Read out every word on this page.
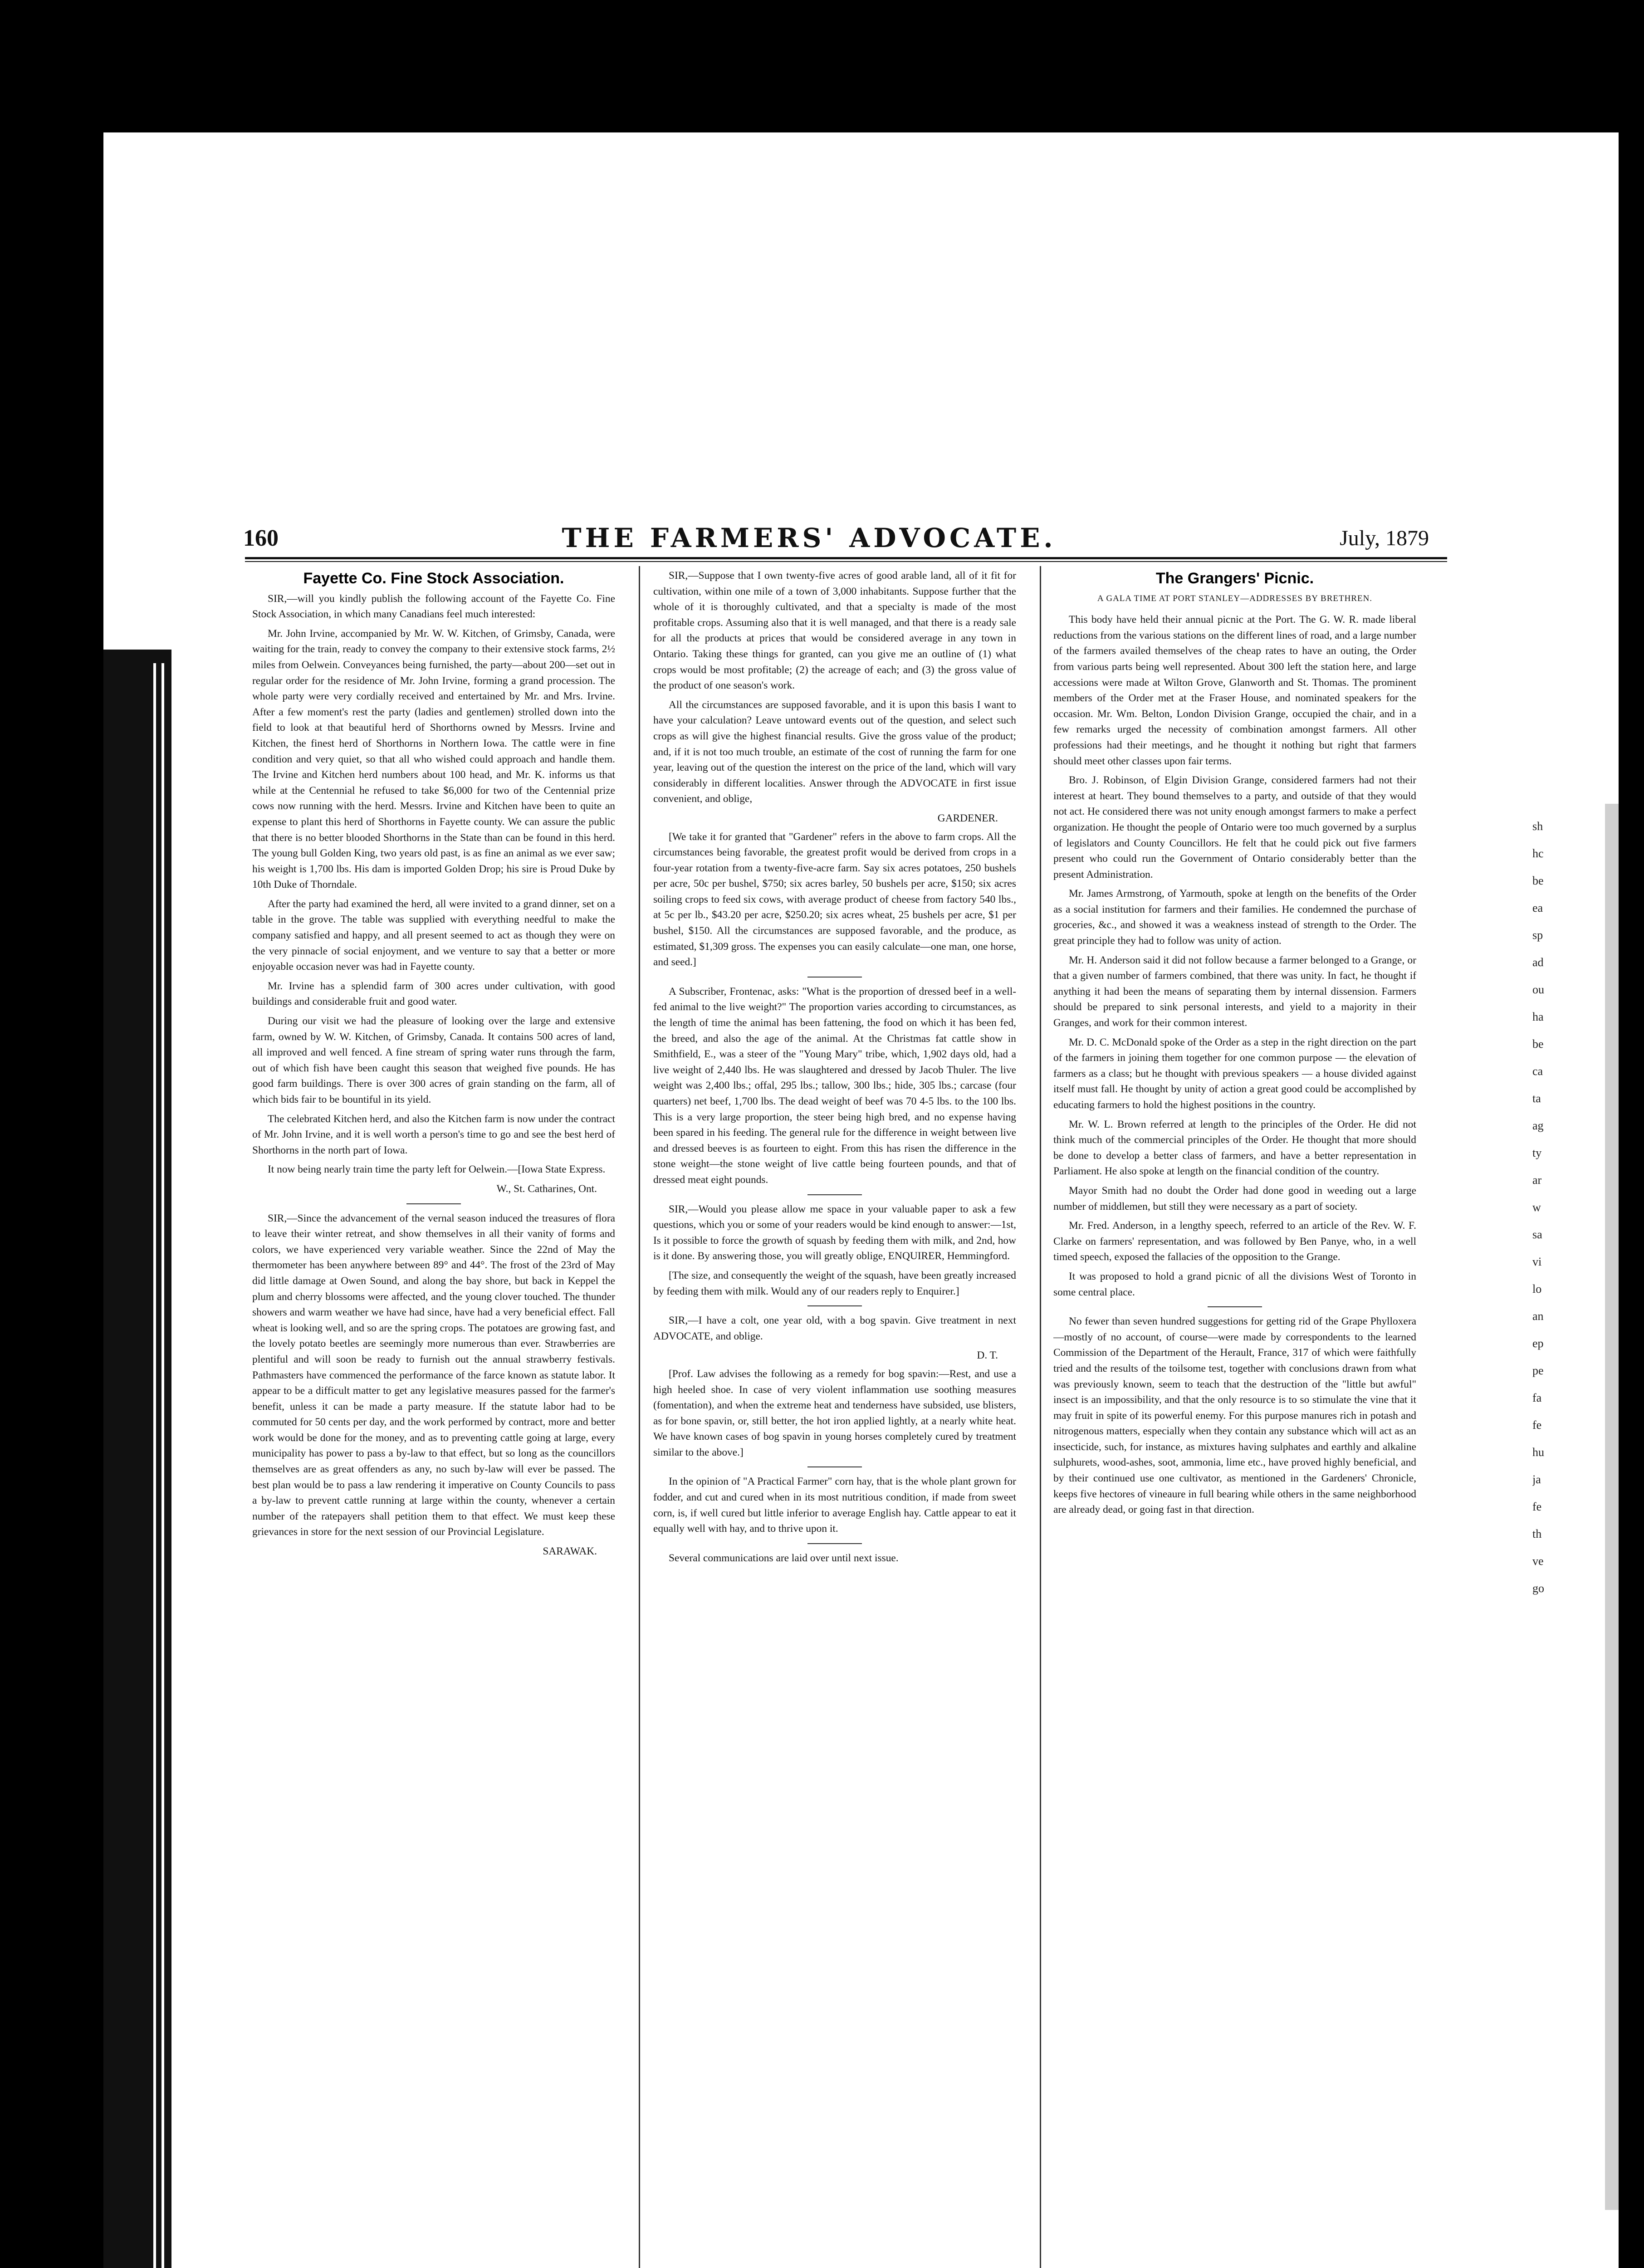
sh
hc
be
ea
sp
ad
ou
ha
be
ca
ta
ag
ty
ar
w
sa
vi
lo
an
ep
pe
fa
fe
hu
ja
fe
th
ve
go
160	THE FARMERS' ADVOCATE.	July, 1879
Fayette Co. Fine Stock Association.

SIR,—will you kindly publish the following account of the Fayette Co. Fine Stock Association, in which many Canadians feel much interested:

Mr. John Irvine, accompanied by Mr. W. W. Kitchen, of Grimsby, Canada, were waiting for the train, ready to convey the company to their extensive stock farms, 2½ miles from Oelwein. Conveyances being furnished, the party—about 200—set out in regular order for the residence of Mr. John Irvine, forming a grand procession. The whole party were very cordially received and entertained by Mr. and Mrs. Irvine. After a few moment's rest the party (ladies and gentlemen) strolled down into the field to look at that beautiful herd of Shorthorns owned by Messrs. Irvine and Kitchen, the finest herd of Shorthorns in Northern Iowa. The cattle were in fine condition and very quiet, so that all who wished could approach and handle them. The Irvine and Kitchen herd numbers about 100 head, and Mr. K. informs us that while at the Centennial he refused to take $6,000 for two of the Centennial prize cows now running with the herd. Messrs. Irvine and Kitchen have been to quite an expense to plant this herd of Shorthorns in Fayette county. We can assure the public that there is no better blooded Shorthorns in the State than can be found in this herd. The young bull Golden King, two years old past, is as fine an animal as we ever saw; his weight is 1,700 lbs. His dam is imported Golden Drop; his sire is Proud Duke by 10th Duke of Thorndale.

After the party had examined the herd, all were invited to a grand dinner, set on a table in the grove. The table was supplied with everything needful to make the company satisfied and happy, and all present seemed to act as though they were on the very pinnacle of social enjoyment, and we venture to say that a better or more enjoyable occasion never was had in Fayette county.

Mr. Irvine has a splendid farm of 300 acres under cultivation, with good buildings and considerable fruit and good water.

During our visit we had the pleasure of looking over the large and extensive farm, owned by W. W. Kitchen, of Grimsby, Canada. It contains 500 acres of land, all improved and well fenced. A fine stream of spring water runs through the farm, out of which fish have been caught this season that weighed five pounds. He has good farm buildings. There is over 300 acres of grain standing on the farm, all of which bids fair to be bountiful in its yield.

The celebrated Kitchen herd, and also the Kitchen farm is now under the contract of Mr. John Irvine, and it is well worth a person's time to go and see the best herd of Shorthorns in the north part of Iowa.

It now being nearly train time the party left for Oelwein.—[Iowa State Express.

W., St. Catharines, Ont.

SIR,—Since the advancement of the vernal season induced the treasures of flora to leave their winter retreat, and show themselves in all their vanity of forms and colors, we have experienced very variable weather. Since the 22nd of May the thermometer has been anywhere between 89° and 44°. The frost of the 23rd of May did little damage at Owen Sound, and along the bay shore, but back in Keppel the plum and cherry blossoms were affected, and the young clover touched. The thunder showers and warm weather we have had since, have had a very beneficial effect. Fall wheat is looking well, and so are the spring crops. The potatoes are growing fast, and the lovely potato beetles are seemingly more numerous than ever. Strawberries are plentiful and will soon be ready to furnish out the annual strawberry festivals. Pathmasters have commenced the performance of the farce known as statute labor. It appear to be a difficult matter to get any legislative measures passed for the farmer's benefit, unless it can be made a party measure. If the statute labor had to be commuted for 50 cents per day, and the work performed by contract, more and better work would be done for the money, and as to preventing cattle going at large, every municipality has power to pass a by-law to that effect, but so long as the councillors themselves are as great offenders as any, no such by-law will ever be passed. The best plan would be to pass a law rendering it imperative on County Councils to pass a by-law to prevent cattle running at large within the county, whenever a certain number of the ratepayers shall petition them to that effect. We must keep these grievances in store for the next session of our Provincial Legislature.

SARAWAK.

SIR,—Suppose that I own twenty-five acres of good arable land, all of it fit for cultivation, within one mile of a town of 3,000 inhabitants. Suppose further that the whole of it is thoroughly cultivated, and that a specialty is made of the most profitable crops. Assuming also that it is well managed, and that there is a ready sale for all the products at prices that would be considered average in any town in Ontario. Taking these things for granted, can you give me an outline of (1) what crops would be most profitable; (2) the acreage of each; and (3) the gross value of the product of one season's work.

All the circumstances are supposed favorable, and it is upon this basis I want to have your calculation? Leave untoward events out of the question, and select such crops as will give the highest financial results. Give the gross value of the product; and, if it is not too much trouble, an estimate of the cost of running the farm for one year, leaving out of the question the interest on the price of the land, which will vary considerably in different localities. Answer through the ADVOCATE in first issue convenient, and oblige,

GARDENER.

[We take it for granted that "Gardener" refers in the above to farm crops. All the circumstances being favorable, the greatest profit would be derived from crops in a four-year rotation from a twenty-five-acre farm. Say six acres potatoes, 250 bushels per acre, 50c per bushel, $750; six acres barley, 50 bushels per acre, $150; six acres soiling crops to feed six cows, with average product of cheese from factory 540 lbs., at 5c per lb., $43.20 per acre, $250.20; six acres wheat, 25 bushels per acre, $1 per bushel, $150. All the circumstances are supposed favorable, and the produce, as estimated, $1,309 gross. The expenses you can easily calculate—one man, one horse, and seed.]

A Subscriber, Frontenac, asks: "What is the proportion of dressed beef in a well-fed animal to the live weight?" The proportion varies according to circumstances, as the length of time the animal has been fattening, the food on which it has been fed, the breed, and also the age of the animal. At the Christmas fat cattle show in Smithfield, E., was a steer of the "Young Mary" tribe, which, 1,902 days old, had a live weight of 2,440 lbs. He was slaughtered and dressed by Jacob Thuler. The live weight was 2,400 lbs.; offal, 295 lbs.; tallow, 300 lbs.; hide, 305 lbs.; carcase (four quarters) net beef, 1,700 lbs. The dead weight of beef was 70 4-5 lbs. to the 100 lbs. This is a very large proportion, the steer being high bred, and no expense having been spared in his feeding. The general rule for the difference in weight between live and dressed beeves is as fourteen to eight. From this has risen the difference in the stone weight—the stone weight of live cattle being fourteen pounds, and that of dressed meat eight pounds.

SIR,—Would you please allow me space in your valuable paper to ask a few questions, which you or some of your readers would be kind enough to answer:—1st, Is it possible to force the growth of squash by feeding them with milk, and 2nd, how is it done. By answering those, you will greatly oblige, ENQUIRER, Hemmingford.

[The size, and consequently the weight of the squash, have been greatly increased by feeding them with milk. Would any of our readers reply to Enquirer.]

SIR,—I have a colt, one year old, with a bog spavin. Give treatment in next ADVOCATE, and oblige.

D. T.

[Prof. Law advises the following as a remedy for bog spavin:—Rest, and use a high heeled shoe. In case of very violent inflammation use soothing measures (fomentation), and when the extreme heat and tenderness have subsided, use blisters, as for bone spavin, or, still better, the hot iron applied lightly, at a nearly white heat. We have known cases of bog spavin in young horses completely cured by treatment similar to the above.]

In the opinion of "A Practical Farmer" corn hay, that is the whole plant grown for fodder, and cut and cured when in its most nutritious condition, if made from sweet corn, is, if well cured but little inferior to average English hay. Cattle appear to eat it equally well with hay, and to thrive upon it.

Several communications are laid over until next issue.

The Grangers' Picnic.

A GALA TIME AT PORT STANLEY—ADDRESSES BY BRETHREN.

This body have held their annual picnic at the Port. The G. W. R. made liberal reductions from the various stations on the different lines of road, and a large number of the farmers availed themselves of the cheap rates to have an outing, the Order from various parts being well represented. About 300 left the station here, and large accessions were made at Wilton Grove, Glanworth and St. Thomas. The prominent members of the Order met at the Fraser House, and nominated speakers for the occasion. Mr. Wm. Belton, London Division Grange, occupied the chair, and in a few remarks urged the necessity of combination amongst farmers. All other professions had their meetings, and he thought it nothing but right that farmers should meet other classes upon fair terms.

Bro. J. Robinson, of Elgin Division Grange, considered farmers had not their interest at heart. They bound themselves to a party, and outside of that they would not act. He considered there was not unity enough amongst farmers to make a perfect organization. He thought the people of Ontario were too much governed by a surplus of legislators and County Councillors. He felt that he could pick out five farmers present who could run the Government of Ontario considerably better than the present Administration.

Mr. James Armstrong, of Yarmouth, spoke at length on the benefits of the Order as a social institution for farmers and their families. He condemned the purchase of groceries, &c., and showed it was a weakness instead of strength to the Order. The great principle they had to follow was unity of action.

Mr. H. Anderson said it did not follow because a farmer belonged to a Grange, or that a given number of farmers combined, that there was unity. In fact, he thought if anything it had been the means of separating them by internal dissension. Farmers should be prepared to sink personal interests, and yield to a majority in their Granges, and work for their common interest.

Mr. D. C. McDonald spoke of the Order as a step in the right direction on the part of the farmers in joining them together for one common purpose — the elevation of farmers as a class; but he thought with previous speakers — a house divided against itself must fall. He thought by unity of action a great good could be accomplished by educating farmers to hold the highest positions in the country.

Mr. W. L. Brown referred at length to the principles of the Order. He did not think much of the commercial principles of the Order. He thought that more should be done to develop a better class of farmers, and have a better representation in Parliament. He also spoke at length on the financial condition of the country.

Mayor Smith had no doubt the Order had done good in weeding out a large number of middlemen, but still they were necessary as a part of society.

Mr. Fred. Anderson, in a lengthy speech, referred to an article of the Rev. W. F. Clarke on farmers' representation, and was followed by Ben Panye, who, in a well timed speech, exposed the fallacies of the opposition to the Grange.

It was proposed to hold a grand picnic of all the divisions West of Toronto in some central place.

No fewer than seven hundred suggestions for getting rid of the Grape Phylloxera—mostly of no account, of course—were made by correspondents to the learned Commission of the Department of the Herault, France, 317 of which were faithfully tried and the results of the toilsome test, together with conclusions drawn from what was previously known, seem to teach that the destruction of the "little but awful" insect is an impossibility, and that the only resource is to so stimulate the vine that it may fruit in spite of its powerful enemy. For this purpose manures rich in potash and nitrogenous matters, especially when they contain any substance which will act as an insecticide, such, for instance, as mixtures having sulphates and earthly and alkaline sulphurets, wood-ashes, soot, ammonia, lime etc., have proved highly beneficial, and by their continued use one cultivator, as mentioned in the Gardeners' Chronicle, keeps five hectores of vineaure in full bearing while others in the same neighborhood are already dead, or going fast in that direction.
